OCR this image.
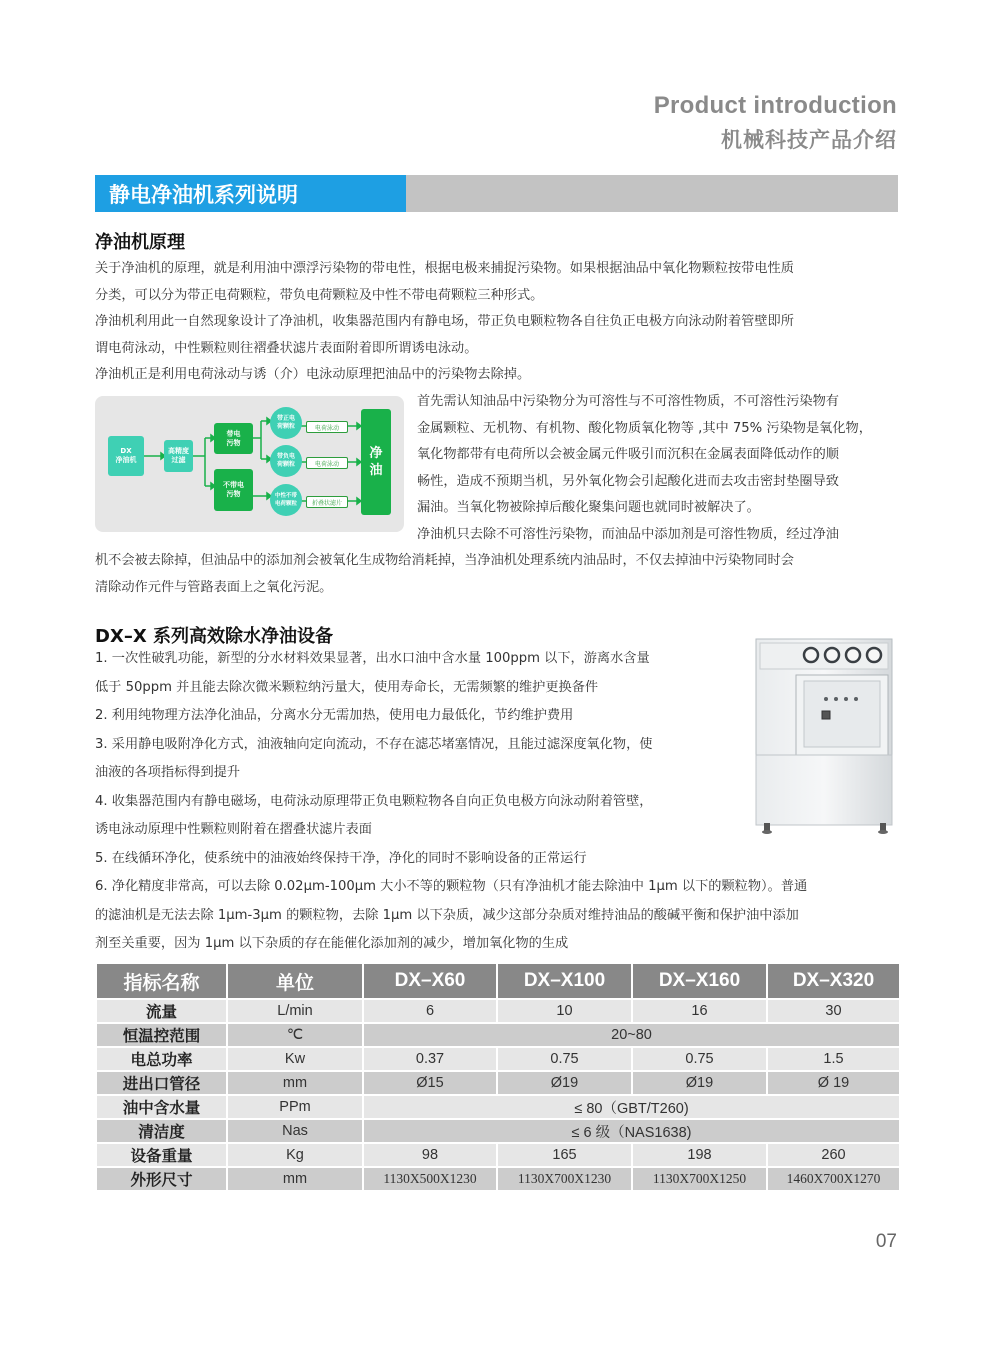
Product introduction
机械科技产品介绍
静电净油机系列说明
净油机原理
关于净油机的原理，就是利用油中漂浮污染物的带电性，根据电极来捕捉污染物。如果根据油品中氧化物颗粒按带电性质
分类，可以分为带正电荷颗粒，带负电荷颗粒及中性不带电荷颗粒三种形式。
净油机利用此一自然现象设计了净油机，收集器范围内有静电场，带正负电颗粒物各自往负正电极方向泳动附着管壁即所
谓电荷泳动，中性颗粒则往褶叠状滤片表面附着即所谓诱电泳动。
净油机正是利用电荷泳动与诱（介）电泳动原理把油品中的污染物去除掉。
DX
净油机
高精度
过滤
带电
污物
不带电
污物
带正电
荷颗粒
带负电
荷颗粒
中性不带
电荷颗粒
电荷泳动
电荷泳动
折叠状滤片
净
油
首先需认知油品中污染物分为可溶性与不可溶性物质，不可溶性污染物有
金属颗粒、无机物、有机物、酸化物质氧化物等 ,其中 75% 污染物是氧化物，
氧化物都带有电荷所以会被金属元件吸引而沉积在金属表面降低动作的顺
畅性，造成不预期当机，另外氧化物会引起酸化进而去攻击密封垫圈导致
漏油。当氧化物被除掉后酸化聚集问题也就同时被解决了。
净油机只去除不可溶性污染物，而油品中添加剂是可溶性物质，经过净油
机不会被去除掉，但油品中的添加剂会被氧化生成物给消耗掉，当净油机处理系统内油品时，不仅去掉油中污染物同时会
清除动作元件与管路表面上之氧化污泥。
DX–X 系列高效除水净油设备
1. 一次性破乳功能，新型的分水材料效果显著，出水口油中含水量 100ppm 以下，游离水含量
低于 50ppm 并且能去除次微米颗粒纳污量大，使用寿命长，无需频繁的维护更换备件
2. 利用纯物理方法净化油品，分离水分无需加热，使用电力最低化，节约维护费用
3. 采用静电吸附净化方式，油液轴向定向流动，不存在滤芯堵塞情况，且能过滤深度氧化物，使
油液的各项指标得到提升
4. 收集器范围内有静电磁场，电荷泳动原理带正负电颗粒物各自向正负电极方向泳动附着管壁，
诱电泳动原理中性颗粒则附着在摺叠状滤片表面
5. 在线循环净化，使系统中的油液始终保持干净，净化的同时不影响设备的正常运行
6. 净化精度非常高，可以去除 0.02μm-100μm 大小不等的颗粒物（只有净油机才能去除油中 1μm 以下的颗粒物）。普通
的滤油机是无法去除 1μm-3μm 的颗粒物，去除 1μm 以下杂质，减少这部分杂质对维持油品的酸碱平衡和保护油中添加
剂至关重要，因为 1μm 以下杂质的存在能催化添加剂的减少，增加氧化物的生成
指标名称	单位	DX–X60	DX–X100	DX–X160	DX–X320
流量	L/min	6	10	16	30
恒温控范围	℃	20~80			
电总功率	Kw	0.37	0.75	0.75	1.5
进出口管径	mm	Ø15	Ø19	Ø19	Ø 19
油中含水量	PPm	≤ 80（GBT/T260)			
清洁度	Nas	≤ 6 级（NAS1638)			
设备重量	Kg	98	165	198	260
外形尺寸	mm	1130X500X1230	1130X700X1230	1130X700X1250	1460X700X1270
07
